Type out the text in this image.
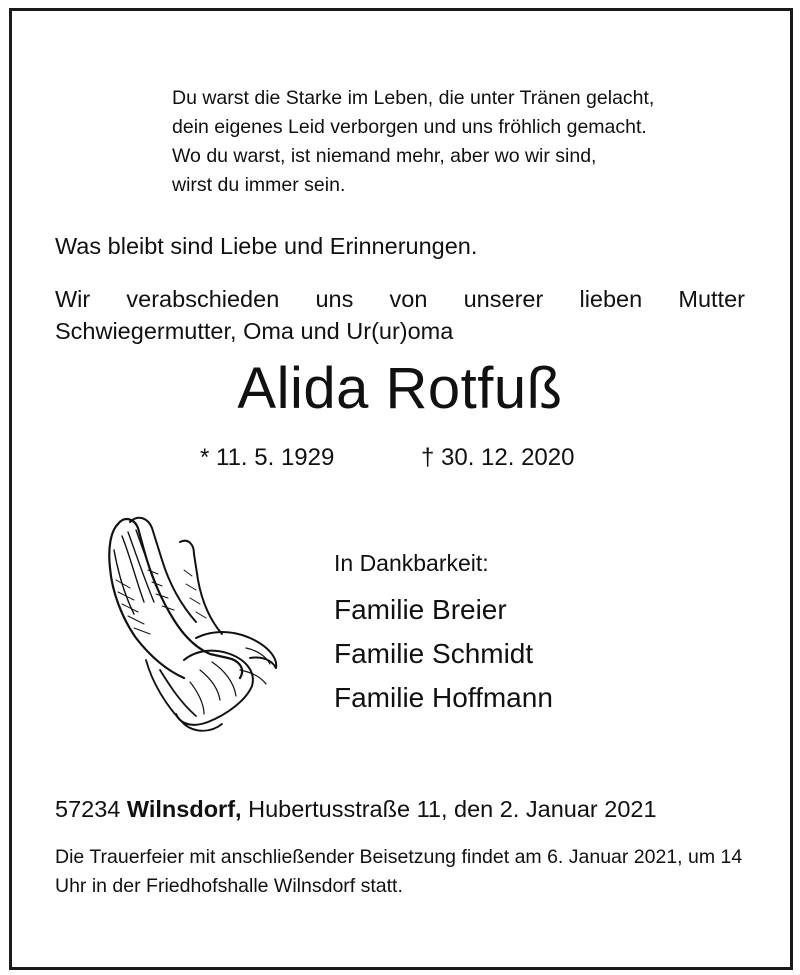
Du warst die Starke im Leben, die unter Tränen gelacht,
dein eigenes Leid verborgen und uns fröhlich gemacht.
Wo du warst, ist niemand mehr, aber wo wir sind,
wirst du immer sein.
Was bleibt sind Liebe und Erinnerungen.
Wir verabschieden uns von unserer lieben Mutter Schwiegermutter, Oma und Ur(ur)oma
Alida Rotfuß
* 11. 5. 1929	† 30. 12. 2020
In Dankbarkeit:
Familie Breier
Familie Schmidt
Familie Hoffmann
57234 Wilnsdorf, Hubertusstraße 11, den 2. Januar 2021
Die Trauerfeier mit anschließender Beisetzung findet am 6. Januar 2021, um 14 Uhr in der Friedhofshalle Wilnsdorf statt.
